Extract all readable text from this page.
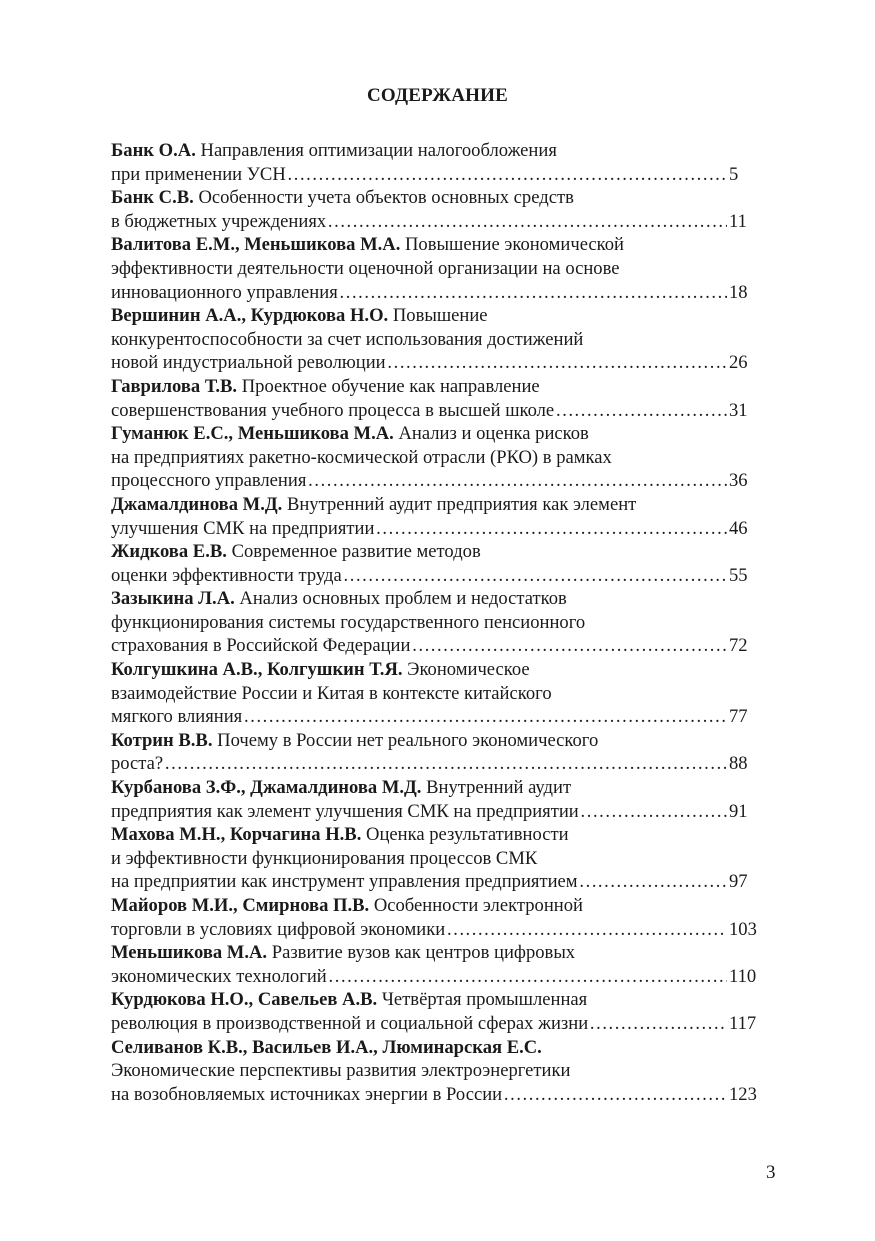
СОДЕРЖАНИЕ
Банк О.А. Направления оптимизации налогообложения
при применении УСН …………………………………………………………………………………………………………………………………………	5
Банк С.В. Особенности учета объектов основных средств
в бюджетных учреждениях …………………………………………………………………………………………………………………………………………	11
Валитова Е.М., Меньшикова М.А. Повышение экономической
эффективности деятельности оценочной организации на основе
инновационного управления …………………………………………………………………………………………………………………………………………	18
Вершинин А.А., Курдюкова Н.О. Повышение
конкурентоспособности за счет использования достижений
новой индустриальной революции …………………………………………………………………………………………………………………………………………	26
Гаврилова Т.В. Проектное обучение как направление
совершенствования учебного процесса в высшей школе …………………………………………………………………………………………………………………………………………	31
Гуманюк Е.С., Меньшикова М.А. Анализ и оценка рисков
на предприятиях ракетно-космической отрасли (РКО) в рамках
процессного управления …………………………………………………………………………………………………………………………………………	36
Джамалдинова М.Д. Внутренний аудит предприятия как элемент
улучшения СМК на предприятии …………………………………………………………………………………………………………………………………………	46
Жидкова Е.В. Современное развитие методов
оценки эффективности труда …………………………………………………………………………………………………………………………………………	55
Зазыкина Л.А. Анализ основных проблем и недостатков
функционирования системы государственного пенсионного
страхования в Российской Федерации …………………………………………………………………………………………………………………………………………	72
Колгушкина А.В., Колгушкин Т.Я. Экономическое
взаимодействие России и Китая в контексте китайского
мягкого влияния …………………………………………………………………………………………………………………………………………	77
Котрин В.В. Почему в России нет реального экономического
роста? …………………………………………………………………………………………………………………………………………	88
Курбанова З.Ф., Джамалдинова М.Д. Внутренний аудит
предприятия как элемент улучшения СМК на предприятии …………………………………………………………………………………………………………………………………………	91
Махова М.Н., Корчагина Н.В. Оценка результативности
и эффективности функционирования процессов СМК
на предприятии как инструмент управления предприятием …………………………………………………………………………………………………………………………………………	97
Майоров М.И., Смирнова П.В. Особенности электронной
торговли в условиях цифровой экономики …………………………………………………………………………………………………………………………………………	103
Меньшикова М.А. Развитие вузов как центров цифровых
экономических технологий …………………………………………………………………………………………………………………………………………	110
Курдюкова Н.О., Савельев А.В. Четвёртая промышленная
революция в производственной и социальной сферах жизни …………………………………………………………………………………………………………………………………………	117
Селиванов К.В., Васильев И.А., Люминарская Е.С.
Экономические перспективы развития электроэнергетики
на возобновляемых источниках энергии в России …………………………………………………………………………………………………………………………………………	123
3
